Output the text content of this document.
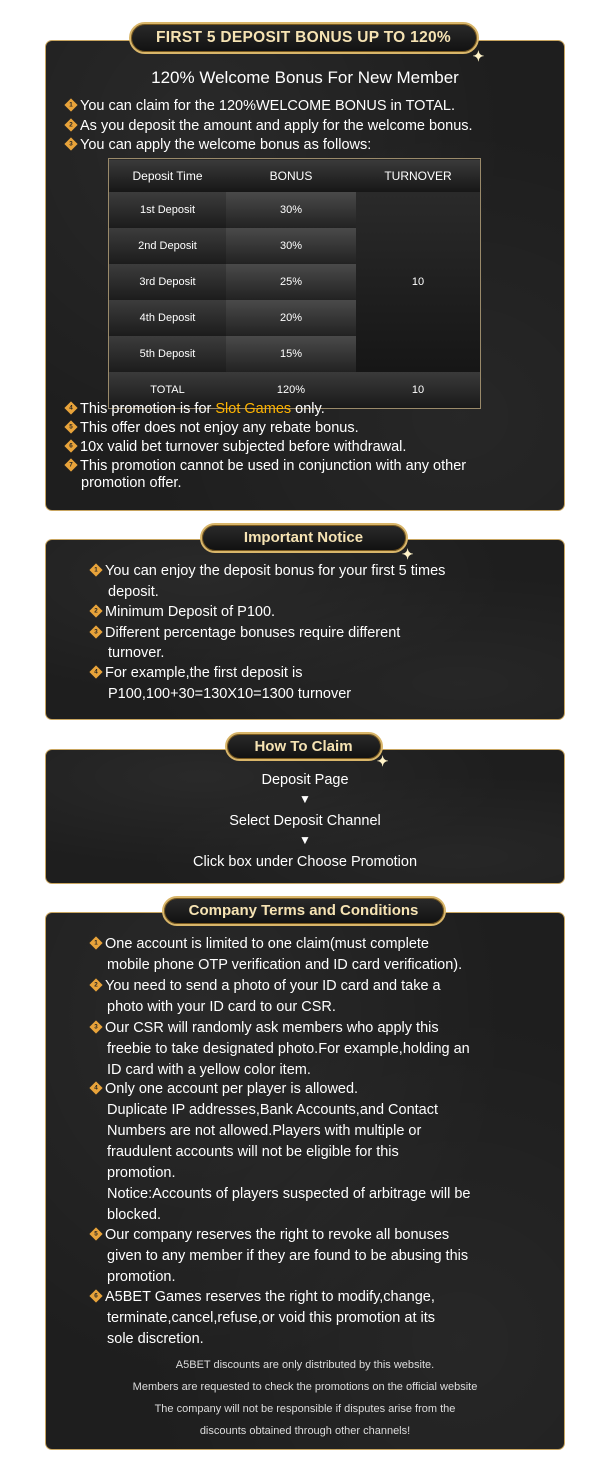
120% Welcome Bonus For New Member
1 You can claim for the 120%WELCOME BONUS in TOTAL.
2 As you deposit the amount and apply for the welcome bonus.
3 You can apply the welcome bonus as follows:
Deposit Time	BONUS	TURNOVER
1st Deposit	30%	10
2nd Deposit	30%	
3rd Deposit	25%	
4th Deposit	20%	
5th Deposit	15%	
TOTAL	120%	10
4 This promotion is for Slot Games only.
5 This offer does not enjoy any rebate bonus.
6 10x valid bet turnover subjected before withdrawal.
7 This promotion cannot be used in conjunction with any other
promotion offer.
FIRST 5 DEPOSIT BONUS UP TO 120%
✦
1 You can enjoy the deposit bonus for your first 5 times
deposit.
2 Minimum Deposit of P100.
3 Different percentage bonuses require different
turnover.
4 For example,the first deposit is
P100,100+30=130X10=1300 turnover
Important Notice
✦
Deposit Page
▼
Select Deposit Channel
▼
Click box under Choose Promotion
How To Claim
✦
1 One account is limited to one claim(must complete
mobile phone OTP verification and ID card verification).
2 You need to send a photo of your ID card and take a
photo with your ID card to our CSR.
3 Our CSR will randomly ask members who apply this
freebie to take designated photo.For example,holding an
ID card with a yellow color item.
4 Only one account per player is allowed.
Duplicate IP addresses,Bank Accounts,and Contact
Numbers are not allowed.Players with multiple or
fraudulent accounts will not be eligible for this
promotion.
Notice:Accounts of players suspected of arbitrage will be
blocked.
5 Our company reserves the right to revoke all bonuses
given to any member if they are found to be abusing this
promotion.
6 A5BET Games reserves the right to modify,change,
terminate,cancel,refuse,or void this promotion at its
sole discretion.
A5BET discounts are only distributed by this website.
Members are requested to check the promotions on the official website
The company will not be responsible if disputes arise from the
discounts obtained through other channels!
Company Terms and Conditions
